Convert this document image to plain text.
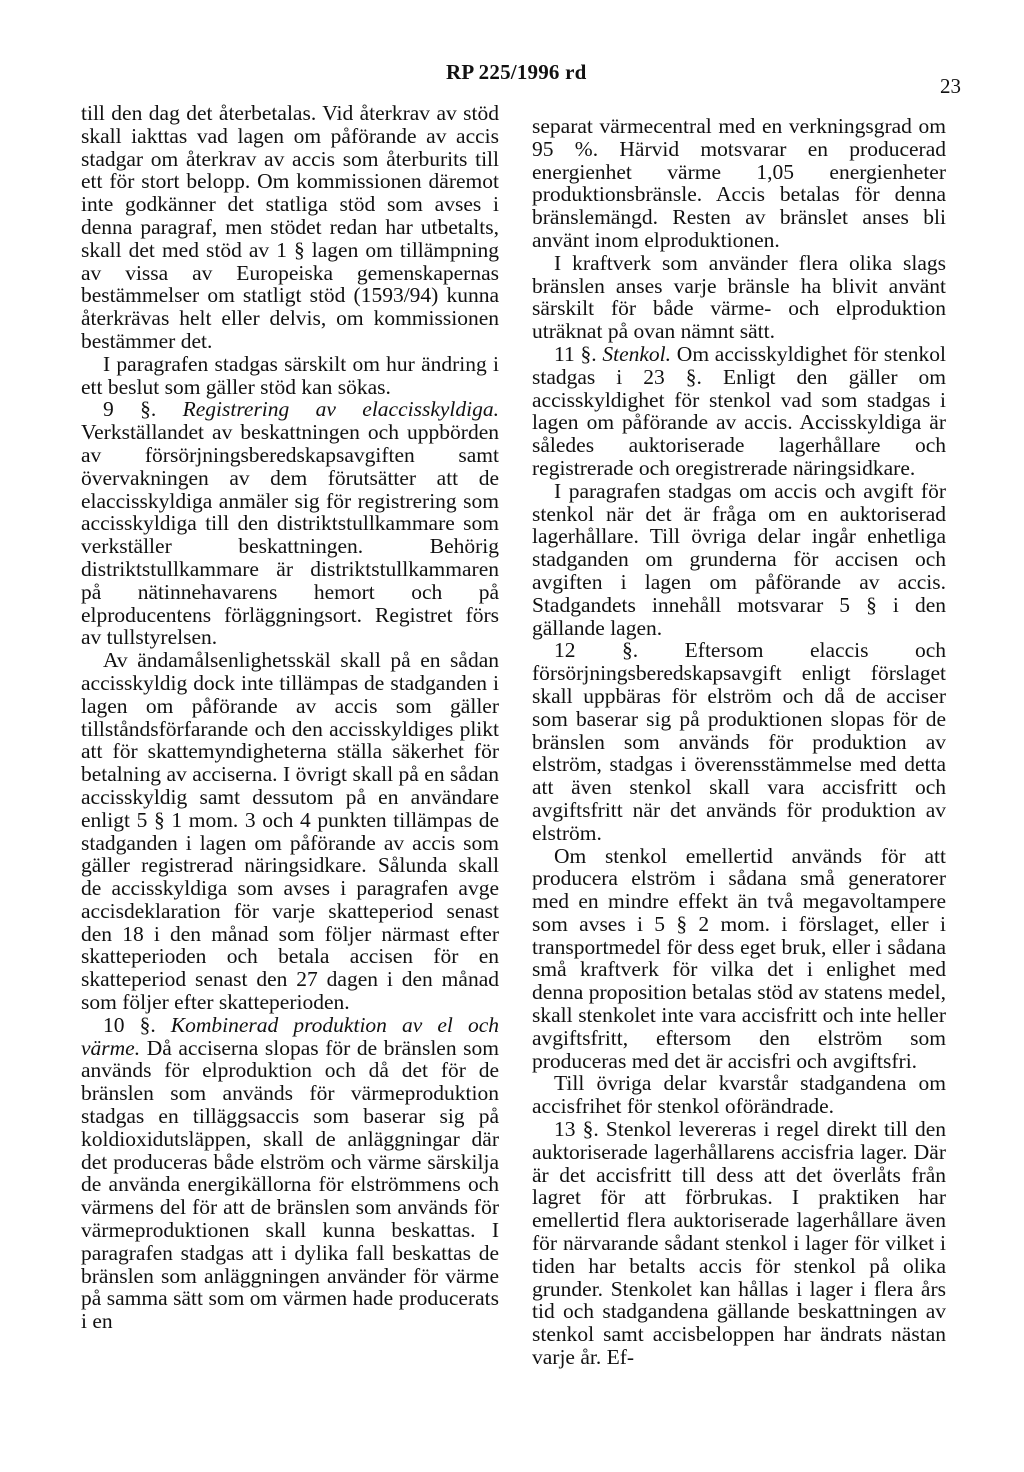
RP 225/1996 rd
23

till den dag det återbetalas. Vid återkrav av stöd skall iakttas vad lagen om påförande av accis stadgar om återkrav av accis som återburits till ett för stort belopp. Om kommissionen däremot inte godkänner det statliga stöd som avses i denna paragraf, men stödet redan har utbetalts, skall det med stöd av 1 § lagen om tillämpning av vissa av Europeiska gemenskapernas bestämmelser om statligt stöd (1593/94) kunna återkrävas helt eller delvis, om kommissionen bestämmer det.

I paragrafen stadgas särskilt om hur ändring i ett beslut som gäller stöd kan sökas.

9 §. Registrering av elaccisskyldiga. Verkställandet av beskattningen och uppbörden av försörjningsberedskapsavgiften samt övervakningen av dem förutsätter att de elaccisskyldiga anmäler sig för registrering som accisskyldiga till den distriktstullkammare som verkställer beskattningen. Behörig distriktstullkammare är distriktstullkammaren på nätinnehavarens hemort och på elproducentens förläggningsort. Registret förs av tullstyrelsen.

Av ändamålsenlighetsskäl skall på en sådan accisskyldig dock inte tillämpas de stadganden i lagen om påförande av accis som gäller tillståndsförfarande och den accisskyldiges plikt att för skattemyndigheterna ställa säkerhet för betalning av acciserna. I övrigt skall på en sådan accisskyldig samt dessutom på en användare enligt 5 § 1 mom. 3 och 4 punkten tillämpas de stadganden i lagen om påförande av accis som gäller registrerad näringsidkare. Sålunda skall de accisskyldiga som avses i paragrafen avge accisdeklaration för varje skatteperiod senast den 18 i den månad som följer närmast efter skatteperioden och betala accisen för en skatteperiod senast den 27 dagen i den månad som följer efter skatteperioden.

10 §. Kombinerad produktion av el och värme. Då acciserna slopas för de bränslen som används för elproduktion och då det för de bränslen som används för värmeproduktion stadgas en tilläggsaccis som baserar sig på koldioxidutsläppen, skall de anläggningar där det produceras både elström och värme särskilja de använda energikällorna för elströmmens och värmens del för att de bränslen som används för värmeproduktionen skall kunna beskattas. I paragrafen stadgas att i dylika fall beskattas de bränslen som anläggningen använder för värme på samma sätt som om värmen hade producerats i en

separat värmecentral med en verkningsgrad om 95 %. Härvid motsvarar en producerad energienhet värme 1,05 energienheter produktionsbränsle. Accis betalas för denna bränslemängd. Resten av bränslet anses bli använt inom elproduktionen.

I kraftverk som använder flera olika slags bränslen anses varje bränsle ha blivit använt särskilt för både värme- och elproduktion uträknat på ovan nämnt sätt.

11 §. Stenkol. Om accisskyldighet för stenkol stadgas i 23 §. Enligt den gäller om accisskyldighet för stenkol vad som stadgas i lagen om påförande av accis. Accisskyldiga är således auktoriserade lagerhållare och registrerade och oregistrerade näringsidkare.

I paragrafen stadgas om accis och avgift för stenkol när det är fråga om en auktoriserad lagerhållare. Till övriga delar ingår enhetliga stadganden om grunderna för accisen och avgiften i lagen om påförande av accis. Stadgandets innehåll motsvarar 5 § i den gällande lagen.

12 §. Eftersom elaccis och försörjningsberedskapsavgift enligt förslaget skall uppbäras för elström och då de acciser som baserar sig på produktionen slopas för de bränslen som används för produktion av elström, stadgas i överensstämmelse med detta att även stenkol skall vara accisfritt och avgiftsfritt när det används för produktion av elström.

Om stenkol emellertid används för att producera elström i sådana små generatorer med en mindre effekt än två megavoltampere som avses i 5 § 2 mom. i förslaget, eller i transportmedel för dess eget bruk, eller i sådana små kraftverk för vilka det i enlighet med denna proposition betalas stöd av statens medel, skall stenkolet inte vara accisfritt och inte heller avgiftsfritt, eftersom den elström som produceras med det är accisfri och avgiftsfri.

Till övriga delar kvarstår stadgandena om accisfrihet för stenkol oförändrade.

13 §. Stenkol levereras i regel direkt till den auktoriserade lagerhållarens accisfria lager. Där är det accisfritt till dess att det överlåts från lagret för att förbrukas. I praktiken har emellertid flera auktoriserade lagerhållare även för närvarande sådant stenkol i lager för vilket i tiden har betalts accis för stenkol på olika grunder. Stenkolet kan hållas i lager i flera års tid och stadgandena gällande beskattningen av stenkol samt accisbeloppen har ändrats nästan varje år. Ef-
